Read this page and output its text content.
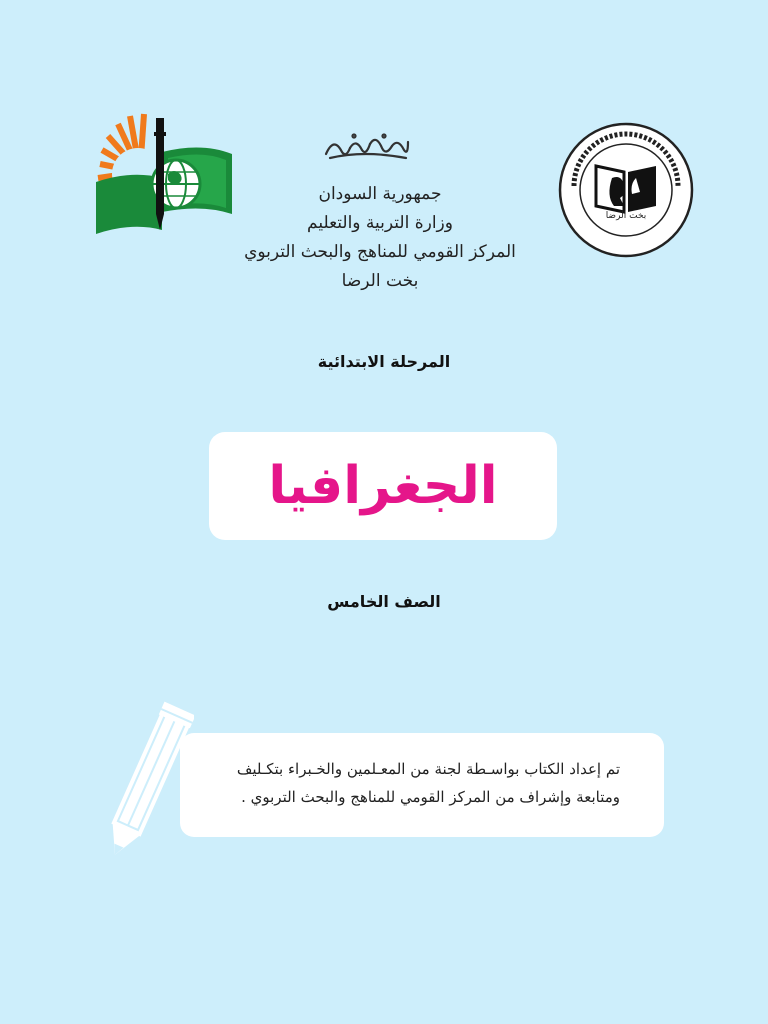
بخت الرضا
جمهورية السودان
وزارة التربية والتعليم
المركز القومي للمناهج والبحث التربوي
بخت الرضا
المرحلة الابتدائية
الجغرافيا
الصف الخامس
تم إعداد الكتاب بواسـطة لجنة من المعـلمين والخـبراء بتكـليف
ومتابعة وإشراف من المركز القومي للمناهج والبحث التربوي .
